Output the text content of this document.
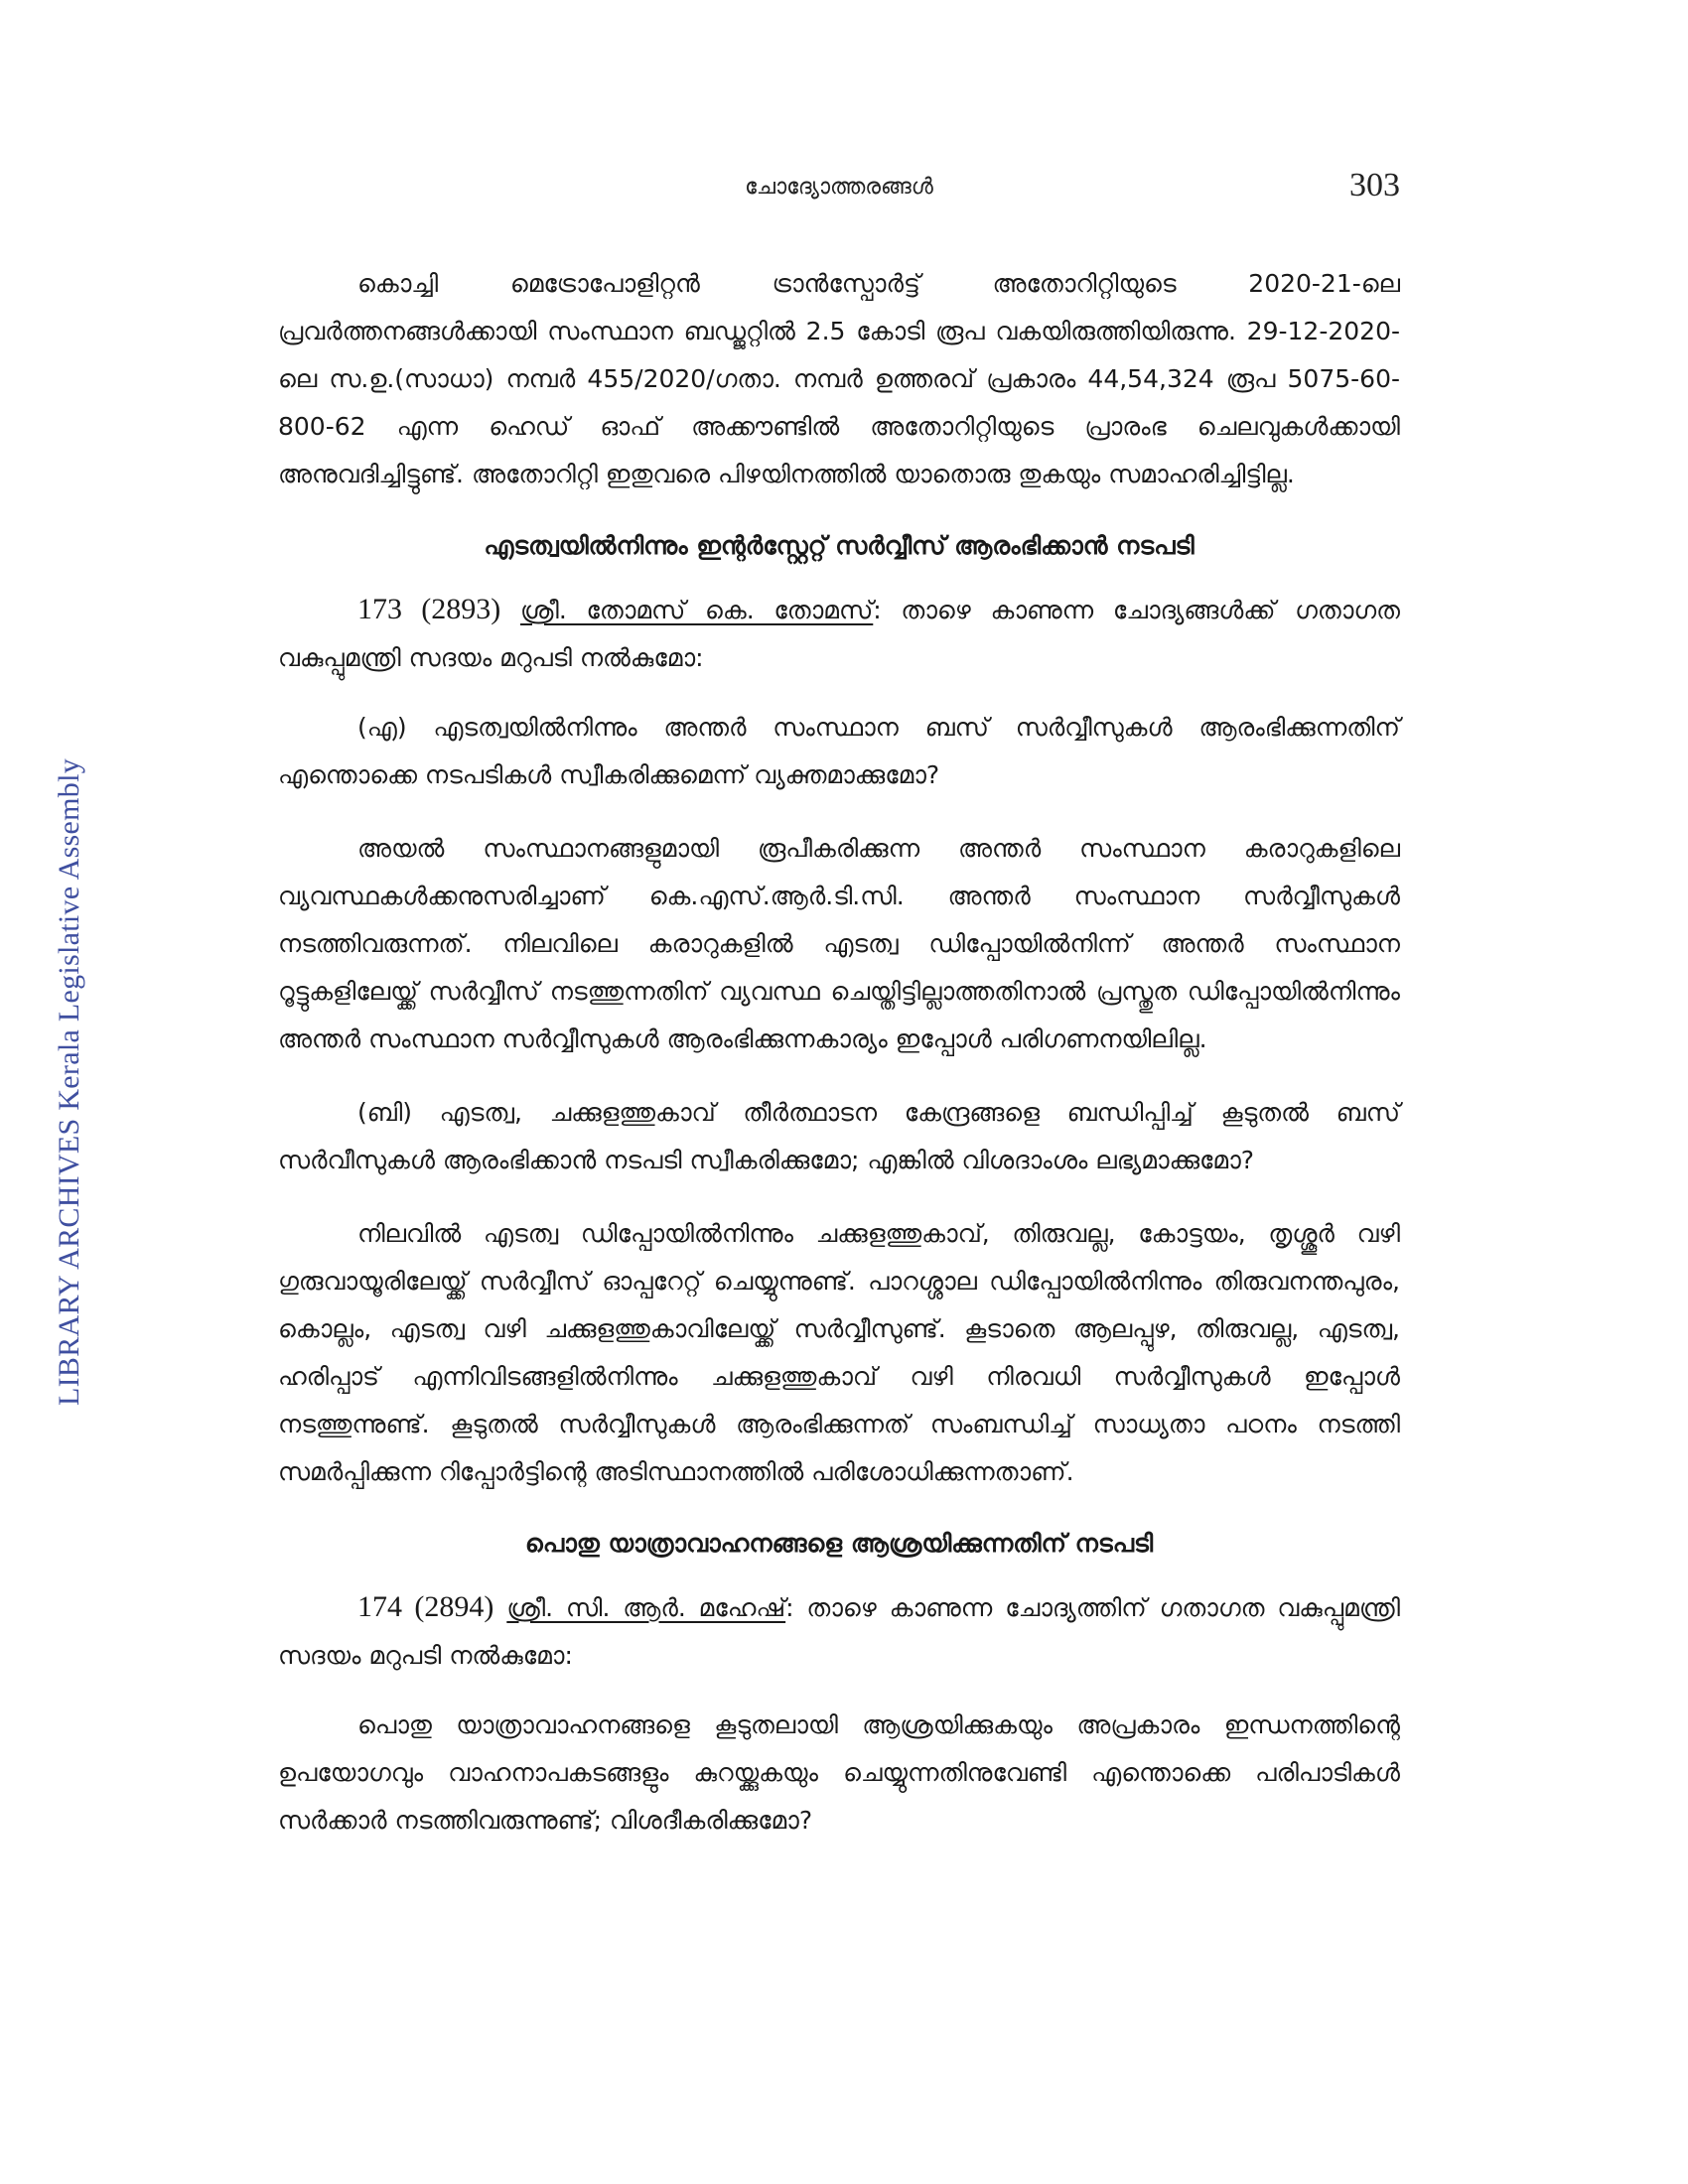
LIBRARY ARCHIVES Kerala Legislative Assembly
ചോദ്യോത്തരങ്ങൾ	303

കൊച്ചി മെട്രോപോളിറ്റൻ ട്രാൻസ്പോർട്ട് അതോറിറ്റിയുടെ 2020-21-ലെ പ്രവർത്തനങ്ങൾക്കായി സംസ്ഥാന ബഡ്ജറ്റിൽ 2.5 കോടി രൂപ വകയിരുത്തിയിരുന്നു. 29-12-2020-ലെ സ.ഉ.(സാധാ) നമ്പർ 455/2020/ഗതാ. നമ്പർ ഉത്തരവ് പ്രകാരം 44,54,324 രൂപ 5075-60-800-62 എന്ന ഹെഡ് ഓഫ് അക്കൗണ്ടിൽ അതോറിറ്റിയുടെ പ്രാരംഭ ചെലവുകൾക്കായി അനുവദിച്ചിട്ടുണ്ട്. അതോറിറ്റി ഇതുവരെ പിഴയിനത്തിൽ യാതൊരു തുകയും സമാഹരിച്ചിട്ടില്ല.

എടത്വയിൽനിന്നും ഇന്റർസ്റ്റേറ്റ് സർവ്വീസ് ആരംഭിക്കാൻ നടപടി

173 (2893) ശ്രീ. തോമസ് കെ. തോമസ്: താഴെ കാണുന്ന ചോദ്യങ്ങൾക്ക് ഗതാഗത വകുപ്പുമന്ത്രി സദയം മറുപടി നൽകുമോ:

(എ) എടത്വയിൽനിന്നും അന്തർ സംസ്ഥാന ബസ് സർവ്വീസുകൾ ആരംഭിക്കുന്നതിന് എന്തൊക്കെ നടപടികൾ സ്വീകരിക്കുമെന്ന് വ്യക്തമാക്കുമോ?

അയൽ സംസ്ഥാനങ്ങളുമായി രൂപീകരിക്കുന്ന അന്തർ സംസ്ഥാന കരാറുകളിലെ വ്യവസ്ഥകൾക്കനുസരിച്ചാണ് കെ.എസ്.ആർ.ടി.സി. അന്തർ സംസ്ഥാന സർവ്വീസുകൾ നടത്തിവരുന്നത്. നിലവിലെ കരാറുകളിൽ എടത്വ ഡിപ്പോയിൽനിന്ന് അന്തർ സംസ്ഥാന റൂട്ടുകളിലേയ്ക്ക് സർവ്വീസ് നടത്തുന്നതിന് വ്യവസ്ഥ ചെയ്തിട്ടില്ലാത്തതിനാൽ പ്രസ്തുത ഡിപ്പോയിൽനിന്നും അന്തർ സംസ്ഥാന സർവ്വീസുകൾ ആരംഭിക്കുന്നകാര്യം ഇപ്പോൾ പരിഗണനയിലില്ല.

(ബി) എടത്വ, ചക്കുളത്തുകാവ് തീർത്ഥാടന കേന്ദ്രങ്ങളെ ബന്ധിപ്പിച്ച് കൂടുതൽ ബസ് സർവീസുകൾ ആരംഭിക്കാൻ നടപടി സ്വീകരിക്കുമോ; എങ്കിൽ വിശദാംശം ലഭ്യമാക്കുമോ?

നിലവിൽ എടത്വ ഡിപ്പോയിൽനിന്നും ചക്കുളത്തുകാവ്, തിരുവല്ല, കോട്ടയം, തൃശ്ശൂർ വഴി ഗുരുവായൂരിലേയ്ക്ക് സർവ്വീസ് ഓപ്പറേറ്റ് ചെയ്യുന്നുണ്ട്. പാറശ്ശാല ഡിപ്പോയിൽനിന്നും തിരുവനന്തപുരം, കൊല്ലം, എടത്വ വഴി ചക്കുളത്തുകാവിലേയ്ക്ക് സർവ്വീസുണ്ട്. കൂടാതെ ആലപ്പുഴ, തിരുവല്ല, എടത്വ, ഹരിപ്പാട് എന്നിവിടങ്ങളിൽനിന്നും ചക്കുളത്തുകാവ് വഴി നിരവധി സർവ്വീസുകൾ ഇപ്പോൾ നടത്തുന്നുണ്ട്. കൂടുതൽ സർവ്വീസുകൾ ആരംഭിക്കുന്നത് സംബന്ധിച്ച് സാധ്യതാ പഠനം നടത്തി സമർപ്പിക്കുന്ന റിപ്പോർട്ടിന്റെ അടിസ്ഥാനത്തിൽ പരിശോധിക്കുന്നതാണ്.

പൊതു യാത്രാവാഹനങ്ങളെ ആശ്രയിക്കുന്നതിന് നടപടി

174 (2894) ശ്രീ. സി. ആർ. മഹേഷ്: താഴെ കാണുന്ന ചോദ്യത്തിന് ഗതാഗത വകുപ്പുമന്ത്രി സദയം മറുപടി നൽകുമോ:

പൊതു യാത്രാവാഹനങ്ങളെ കൂടുതലായി ആശ്രയിക്കുകയും അപ്രകാരം ഇന്ധനത്തിന്റെ ഉപയോഗവും വാഹനാപകടങ്ങളും കുറയ്ക്കുകയും ചെയ്യുന്നതിനുവേണ്ടി എന്തൊക്കെ പരിപാടികൾ സർക്കാർ നടത്തിവരുന്നുണ്ട്; വിശദീകരിക്കുമോ?
